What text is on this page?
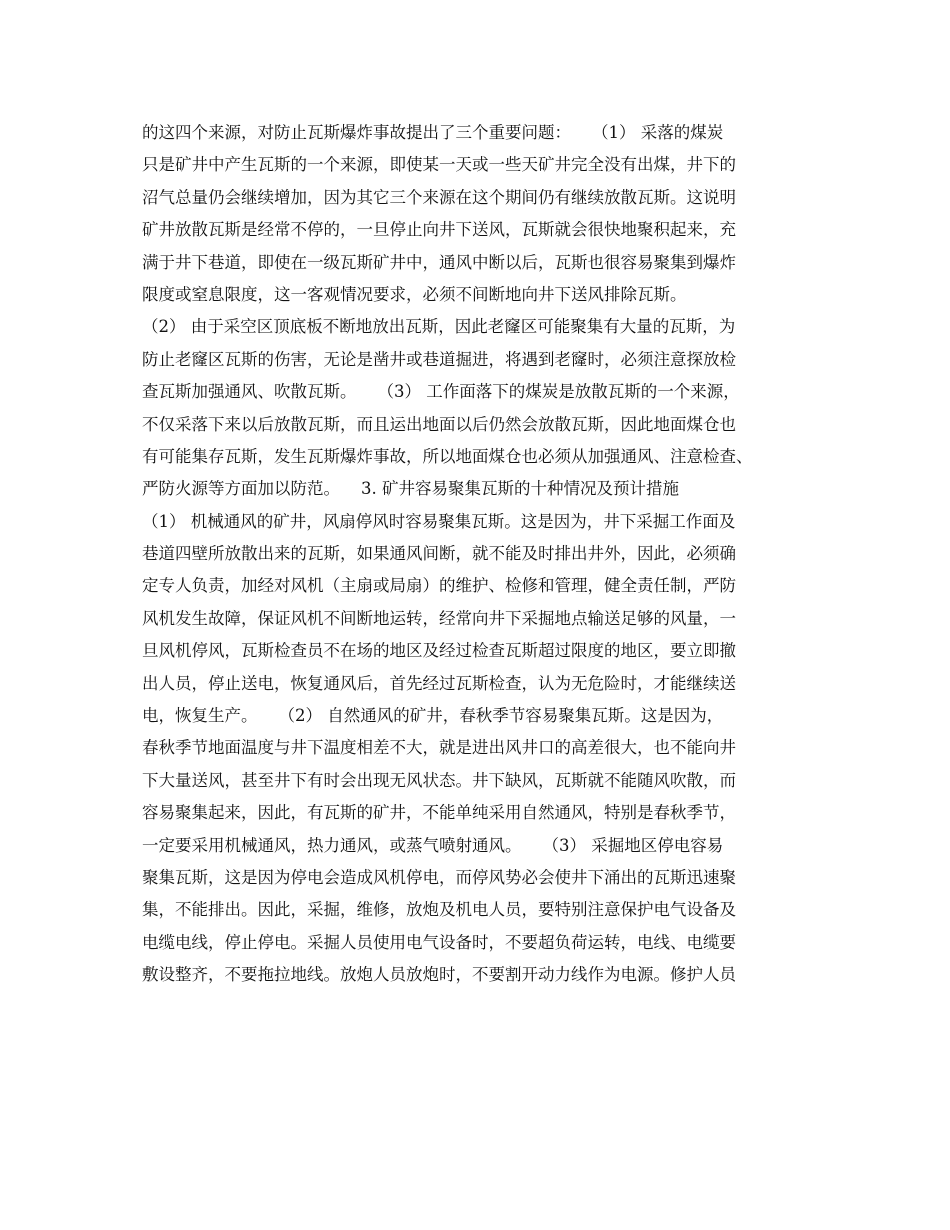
的这四个来源，对防止瓦斯爆炸事故提出了三个重要问题：    （1） 采落的煤炭
只是矿井中产生瓦斯的一个来源，即使某一天或一些天矿井完全没有出煤，井下的
沼气总量仍会继续增加，因为其它三个来源在这个期间仍有继续放散瓦斯。这说明
矿井放散瓦斯是经常不停的，一旦停止向井下送风，瓦斯就会很快地聚积起来，充
满于井下巷道，即使在一级瓦斯矿井中，通风中断以后，瓦斯也很容易聚集到爆炸
限度或窒息限度，这一客观情况要求，必须不间断地向井下送风排除瓦斯。
（2） 由于采空区顶底板不断地放出瓦斯，因此老窿区可能聚集有大量的瓦斯，为
防止老窿区瓦斯的伤害，无论是凿井或巷道掘进，将遇到老窿时，必须注意探放检
查瓦斯加强通风、吹散瓦斯。    （3） 工作面落下的煤炭是放散瓦斯的一个来源，
不仅采落下来以后放散瓦斯，而且运出地面以后仍然会放散瓦斯，因此地面煤仓也
有可能集存瓦斯，发生瓦斯爆炸事故，所以地面煤仓也必须从加强通风、注意检查、
严防火源等方面加以防范。    3. 矿井容易聚集瓦斯的十种情况及预计措施
（1） 机械通风的矿井，风扇停风时容易聚集瓦斯。这是因为，井下采掘工作面及
巷道四壁所放散出来的瓦斯，如果通风间断，就不能及时排出井外，因此，必须确
定专人负责，加经对风机（主扇或局扇）的维护、检修和管理，健全责任制，严防
风机发生故障，保证风机不间断地运转，经常向井下采掘地点输送足够的风量，一
旦风机停风，瓦斯检查员不在场的地区及经过检查瓦斯超过限度的地区，要立即撤
出人员，停止送电，恢复通风后，首先经过瓦斯检查，认为无危险时，才能继续送
电，恢复生产。    （2） 自然通风的矿井，春秋季节容易聚集瓦斯。这是因为，
春秋季节地面温度与井下温度相差不大，就是进出风井口的高差很大，也不能向井
下大量送风，甚至井下有时会出现无风状态。井下缺风，瓦斯就不能随风吹散，而
容易聚集起来，因此，有瓦斯的矿井，不能单纯采用自然通风，特别是春秋季节，
一定要采用机械通风，热力通风，或蒸气喷射通风。    （3） 采掘地区停电容易
聚集瓦斯，这是因为停电会造成风机停电，而停风势必会使井下涌出的瓦斯迅速聚
集，不能排出。因此，采掘，维修，放炮及机电人员，要特别注意保护电气设备及
电缆电线，停止停电。采掘人员使用电气设备时，不要超负荷运转，电线、电缆要
敷设整齐，不要拖拉地线。放炮人员放炮时，不要割开动力线作为电源。修护人员
